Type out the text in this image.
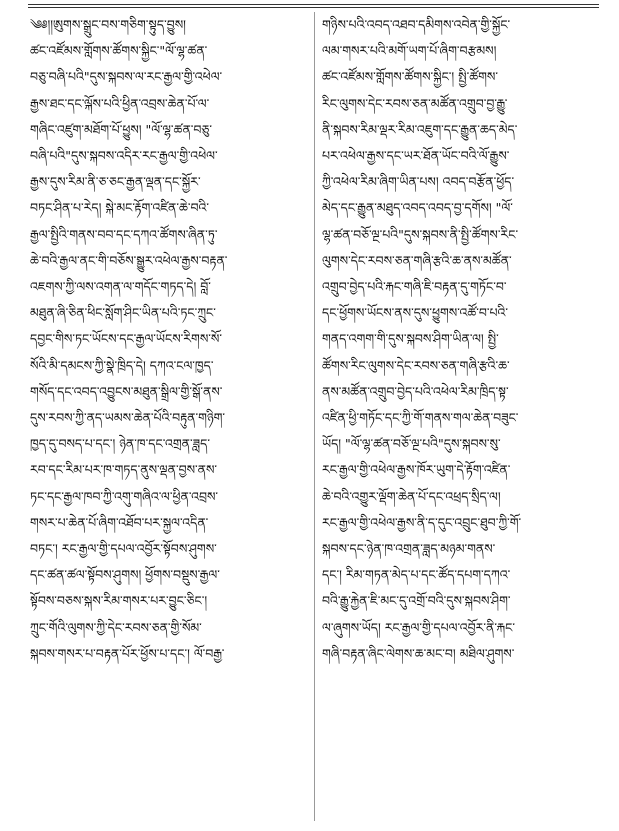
༄༅།།ཨུགས་སྒྲུང་བས་གཅིག་སྟུད་བྱུས།
ཚང་འཛོམས་གློགས་ཚོགས་སྐྱིང་"ལོ་ལྷ་ཚན་
བཅུ་བཞི་པའི"དུས་སྐབས་ལ་རང་རྒྱལ་གྱི་འཕེལ་
རྒྱས་ཐང་དང་ལྐོས་པའི་ཕྱིན་འབྲས་ཆེན་པོ་ལ་
གཞིང་འཛུག་མཐོག་པོ་ཕྱུས། "ལོ་ལྷ་ཚན་བཅུ་
བཞི་པའི"དུས་སྐབས་འདིར་རང་རྒྱལ་གྱི་འཕེལ་
རྒྱས་དུས་རིམ་ནི་ཅ་ཅང་རྒྱན་ལྡན་དང་སྐྱོར་
བཏང་ཤིན་པ་རེད། སྐེ་མང་རྟོག་འཛིན་ཆེ་བའི་
རྒྱལ་སྤྱིའི་གནས་བབ་དང་དཀའ་ཚོགས་ཞིན་ཏུ་
ཆེ་བའི་རྒྱལ་ནང་གི་བཅོས་སྒྱུར་འཕེལ་རྒྱས་བརྟན་
འཇགས་ཀྱི་ལས་འགན་ལ་གདོང་གཏད་དེ། བློ་
མཐུན་ཞི་ཅིན་ཕིང་སློག་ཤིང་ཡིན་པའི་ཏང་ཀྲུང་
དབྱང་གིས་ཏང་ཡོངས་དང་རྒྱལ་ཡོངས་རིགས་སོ་
སོའི་མི་དམངས་ཀྱི་སྣེ་ཁྲིད་དེ། དཀའ་ངལ་ཁྱད་
གསོད་དང་འབད་འབྱུངས་མཐུན་སྒྲིལ་གྱི་སྒོ་ནས་
དུས་རབས་ཀྱི་ནད་ཡམས་ཆེན་པོའི་བརྟུན་གཉིག་
ཁྱད་དུ་བསད་པ་དང་། ཉེན་ཁ་དང་འགྲན་ཟླད་
རབ་དང་རིམ་པར་ཁ་གཏད་ནུས་ལྡན་བྱས་ནས་
ཏང་དང་རྒྱལ་ཁབ་ཀྱི་འགུ་གཞིའ་ལ་ཕྱིན་འབྲས་
གསར་པ་ཆེན་པོ་ཞིག་འཐོབ་པར་སྐྱལ་འདིན་
བཏང་། རང་རྒྱལ་གྱི་དཔལ་འབྱོར་སྟོབས་ཤུགས་
དང་ཚན་ཚལ་སྟོབས་ཤུགས། ཕྱོགས་བསྡུས་རྒྱལ་
སྟོབས་བཅས་སྐས་རིམ་གསར་པར་བྱུང་ཅིང་།
ཀྲུང་གོའི་ལུགས་ཀྱི་དེང་རབས་ཅན་གྱི་སོམ་
སྐབས་གསར་པ་བརྟན་པོར་ཕྱོས་པ་དང་། ལོ་བརྒྱ་
གཉིས་པའི་འབད་འཐབ་དམིགས་འབེན་གྱི་སྐྱོང་
ལམ་གསར་པའི་མགོ་ཡག་པོ་ཞིག་བརྩམས།
ཚང་འཛོམས་གློགས་ཚོགས་སྐྱིང་། སྤྱི་ཚོགས་
རིང་ལུགས་དེང་རབས་ཅན་མཚོན་འགྲུབ་བྱ་རྒྱུ་
ནི་སྐབས་རིམ་ལྡར་རིམ་འཇུག་དང་རྒྱུན་ཆད་མེད་
པར་འཕེལ་རྒྱས་དང་ཡར་ཐོན་ཡོང་བའི་ལོ་རྒྱུས་
ཀྱི་འཕེལ་རིམ་ཞིག་ཡིན་པས། འབད་བརྩོན་ཕྱོད་
མེད་དང་རྒྱུན་མཐུད་འབད་འབད་བྱ་དགོས། "ལོ་
ལྷ་ཚན་བཅོ་ལྔ་པའི"དུས་སྐབས་ནི་སྤྱི་ཚོགས་རིང་
ལུགས་དེང་རབས་ཅན་གཞི་རྩའི་ཆ་ནས་མཚོན་
འགྲུབ་བྱེད་པའི་རྐང་གཞི་ཇི་བརྟན་དུ་གཏོང་བ་
དང་ཕྱོགས་ཡོངས་ནས་དུས་ཕྱུགས་འཚོ་བ་པའི་
གནད་འགག་གི་དུས་སྐབས་ཤིག་ཡིན་ལ། སྤྱི་
ཚོགས་རིང་ལུགས་དེང་རབས་ཅན་གཞི་རྩའི་ཆ་
ནས་མཚོན་འགྲུབ་བྱེད་པའི་འཕེལ་རིམ་ཁྲིད་སྟ་
འཛིན་ཕྱི་གཏོང་དང་ཀྱི་གོ་གནས་གལ་ཆེན་བཟུང་
ཡོད། "ལོ་ལྷ་ཚན་བཅོ་ལྔ་པའི"དུས་སྐབས་སུ་
རང་རྒྱལ་གྱི་འཕེལ་རྒྱས་ཁོར་ཡུག་དེ་རྟོག་འཛིན་
ཆེ་བའི་འགྱུར་ལྡོག་ཆེན་པོ་དང་འཕྲད་སྲིད་ལ།
རང་རྒྱལ་གྱི་འཕེལ་རྒྱས་ནི་ད་དུང་འབྲུང་ཐུབ་ཀྱི་གོ་
སྐབས་དང་ཉེན་ཁ་འགྲན་ཟླད་མཉམ་གནས་
དང་། རིམ་གཏན་མེད་པ་དང་ཚོད་དཔག་དཀའ་
བའི་རྒྱུ་རྐྱེན་ཇི་མང་དུ་འགྲོ་བའི་དུས་སྐབས་ཤིག་
ལ་ཞུགས་ཡོད། རང་རྒྱལ་གྱི་དཔལ་འབྱོར་ནི་རྐང་
གཞི་བརྟན་ཞིང་ལེགས་ཆ་མང་བ། མཐིལ་ཤུགས་
